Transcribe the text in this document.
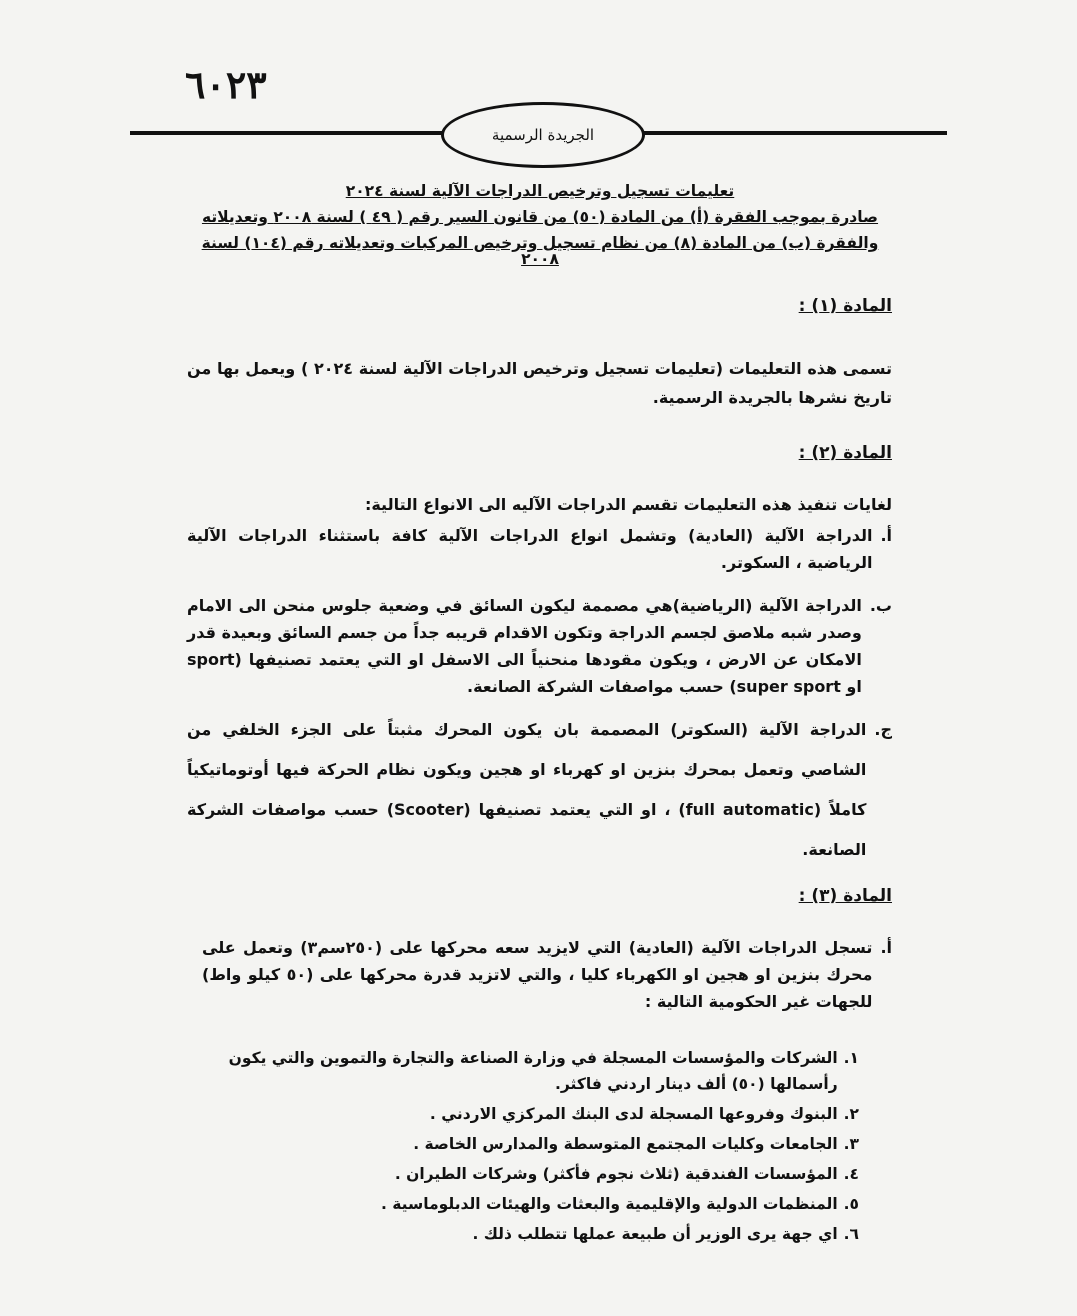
٦٠٢٣
الجريدة الرسمية
تعليمات تسجيل وترخيص الدراجات الآلية لسنة ٢٠٢٤
صادرة بموجب الفقرة (أ) من المادة (٥٠) من قانون السير رقم ( ٤٩ ) لسنة ٢٠٠٨ وتعديلاته
والفقرة (ب) من المادة (٨) من نظام تسجيل وترخيص المركبات وتعديلاته رقم (١٠٤) لسنة ٢٠٠٨
المادة (١) :
تسمى هذه التعليمات (تعليمات تسجيل وترخيص الدراجات الآلية لسنة ٢٠٢٤ ) ويعمل بها من تاريخ نشرها بالجريدة الرسمية.
المادة (٢) :
لغايات تنفيذ هذه التعليمات تقسم الدراجات الآليه الى الانواع التالية:
أ.
الدراجة الآلية (العادية) وتشمل انواع الدراجات الآلية كافة باستثناء الدراجات الآلية الرياضية ، السكوتر.
ب.
الدراجة الآلية (الرياضية)هي مصممة ليكون السائق في وضعية جلوس منحن الى الامام وصدر شبه ملاصق لجسم الدراجة وتكون الاقدام قريبه جداً من جسم السائق وبعيدة قدر الامكان عن الارض ، ويكون مقودها منحنياً الى الاسفل او التي يعتمد تصنيفها (sport او super sport) حسب مواصفات الشركة الصانعة.
ج.
الدراجة الآلية (السكوتر) المصممة بان يكون المحرك مثبتاً على الجزء الخلفي من الشاصي وتعمل بمحرك بنزين او كهرباء او هجين ويكون نظام الحركة فيها أوتوماتيكياً كاملاً (full automatic) ، او التي يعتمد تصنيفها (Scooter) حسب مواصفات الشركة الصانعة.
المادة (٣) :
أ.
تسجل الدراجات الآلية (العادية) التي لايزيد سعه محركها على (٢٥٠سم٣) وتعمل على محرك بنزين او هجين او الكهرباء كليا ، والتي لاتزيد قدرة محركها على (٥٠ كيلو واط) للجهات غير الحكومية التالية :
١.
الشركات والمؤسسات المسجلة في وزارة الصناعة والتجارة والتموين والتي يكون رأسمالها (٥٠) ألف دينار اردني فاكثر.
٢.
البنوك وفروعها المسجلة لدى البنك المركزي الاردني .
٣.
الجامعات وكليات المجتمع المتوسطة والمدارس الخاصة .
٤.
المؤسسات الفندقية (ثلاث نجوم فأكثر) وشركات الطيران .
٥.
المنظمات الدولية والإقليمية والبعثات والهيئات الدبلوماسية .
٦.
اي جهة يرى الوزير أن طبيعة عملها تتطلب ذلك .
